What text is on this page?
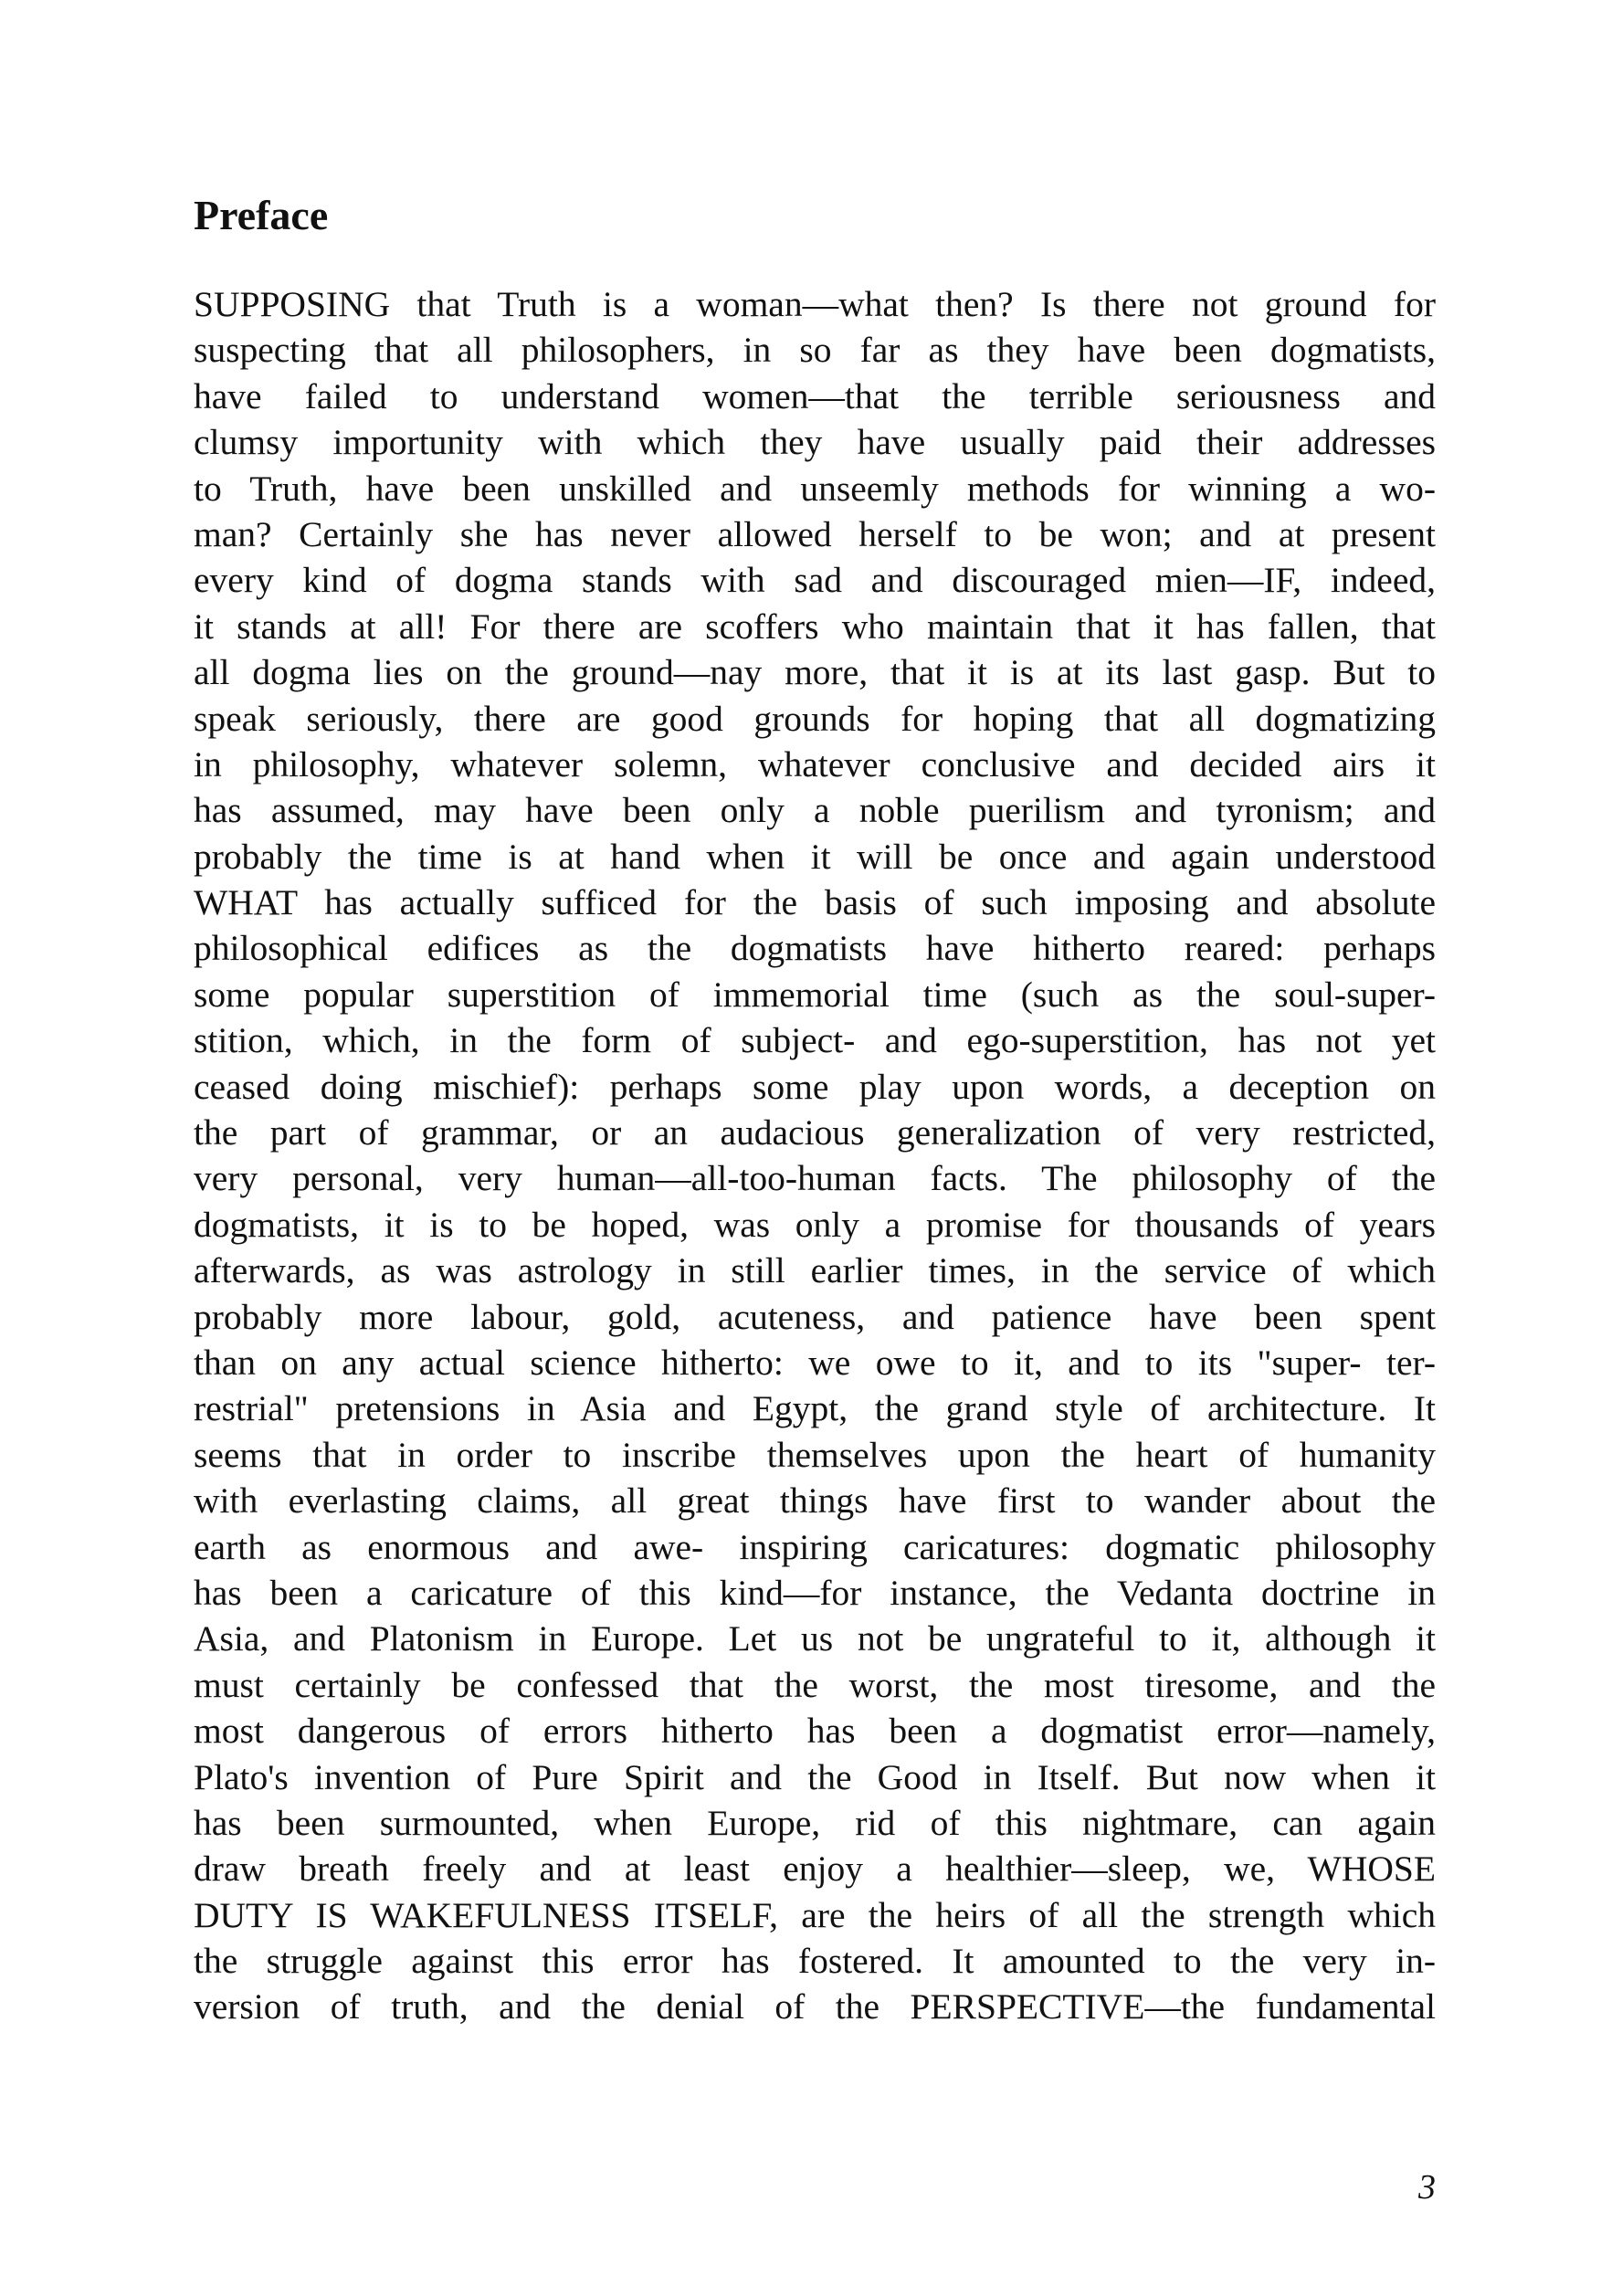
Preface
SUPPOSING that Truth is a woman—what then? Is there not ground for
suspecting that all philosophers, in so far as they have been dogmatists,
have failed to understand women—that the terrible seriousness and
clumsy importunity with which they have usually paid their addresses
to Truth, have been unskilled and unseemly methods for winning a wo-
man? Certainly she has never allowed herself to be won; and at present
every kind of dogma stands with sad and discouraged mien—IF, indeed,
it stands at all! For there are scoffers who maintain that it has fallen, that
all dogma lies on the ground—nay more, that it is at its last gasp. But to
speak seriously, there are good grounds for hoping that all dogmatizing
in philosophy, whatever solemn, whatever conclusive and decided airs it
has assumed, may have been only a noble puerilism and tyronism; and
probably the time is at hand when it will be once and again understood
WHAT has actually sufficed for the basis of such imposing and absolute
philosophical edifices as the dogmatists have hitherto reared: perhaps
some popular superstition of immemorial time (such as the soul-super-
stition, which, in the form of subject- and ego-superstition, has not yet
ceased doing mischief): perhaps some play upon words, a deception on
the part of grammar, or an audacious generalization of very restricted,
very personal, very human—all-too-human facts. The philosophy of the
dogmatists, it is to be hoped, was only a promise for thousands of years
afterwards, as was astrology in still earlier times, in the service of which
probably more labour, gold, acuteness, and patience have been spent
than on any actual science hitherto: we owe to it, and to its "super- ter-
restrial" pretensions in Asia and Egypt, the grand style of architecture. It
seems that in order to inscribe themselves upon the heart of humanity
with everlasting claims, all great things have first to wander about the
earth as enormous and awe- inspiring caricatures: dogmatic philosophy
has been a caricature of this kind—for instance, the Vedanta doctrine in
Asia, and Platonism in Europe. Let us not be ungrateful to it, although it
must certainly be confessed that the worst, the most tiresome, and the
most dangerous of errors hitherto has been a dogmatist error—namely,
Plato's invention of Pure Spirit and the Good in Itself. But now when it
has been surmounted, when Europe, rid of this nightmare, can again
draw breath freely and at least enjoy a healthier—sleep, we, WHOSE
DUTY IS WAKEFULNESS ITSELF, are the heirs of all the strength which
the struggle against this error has fostered. It amounted to the very in-
version of truth, and the denial of the PERSPECTIVE—the fundamental
3
